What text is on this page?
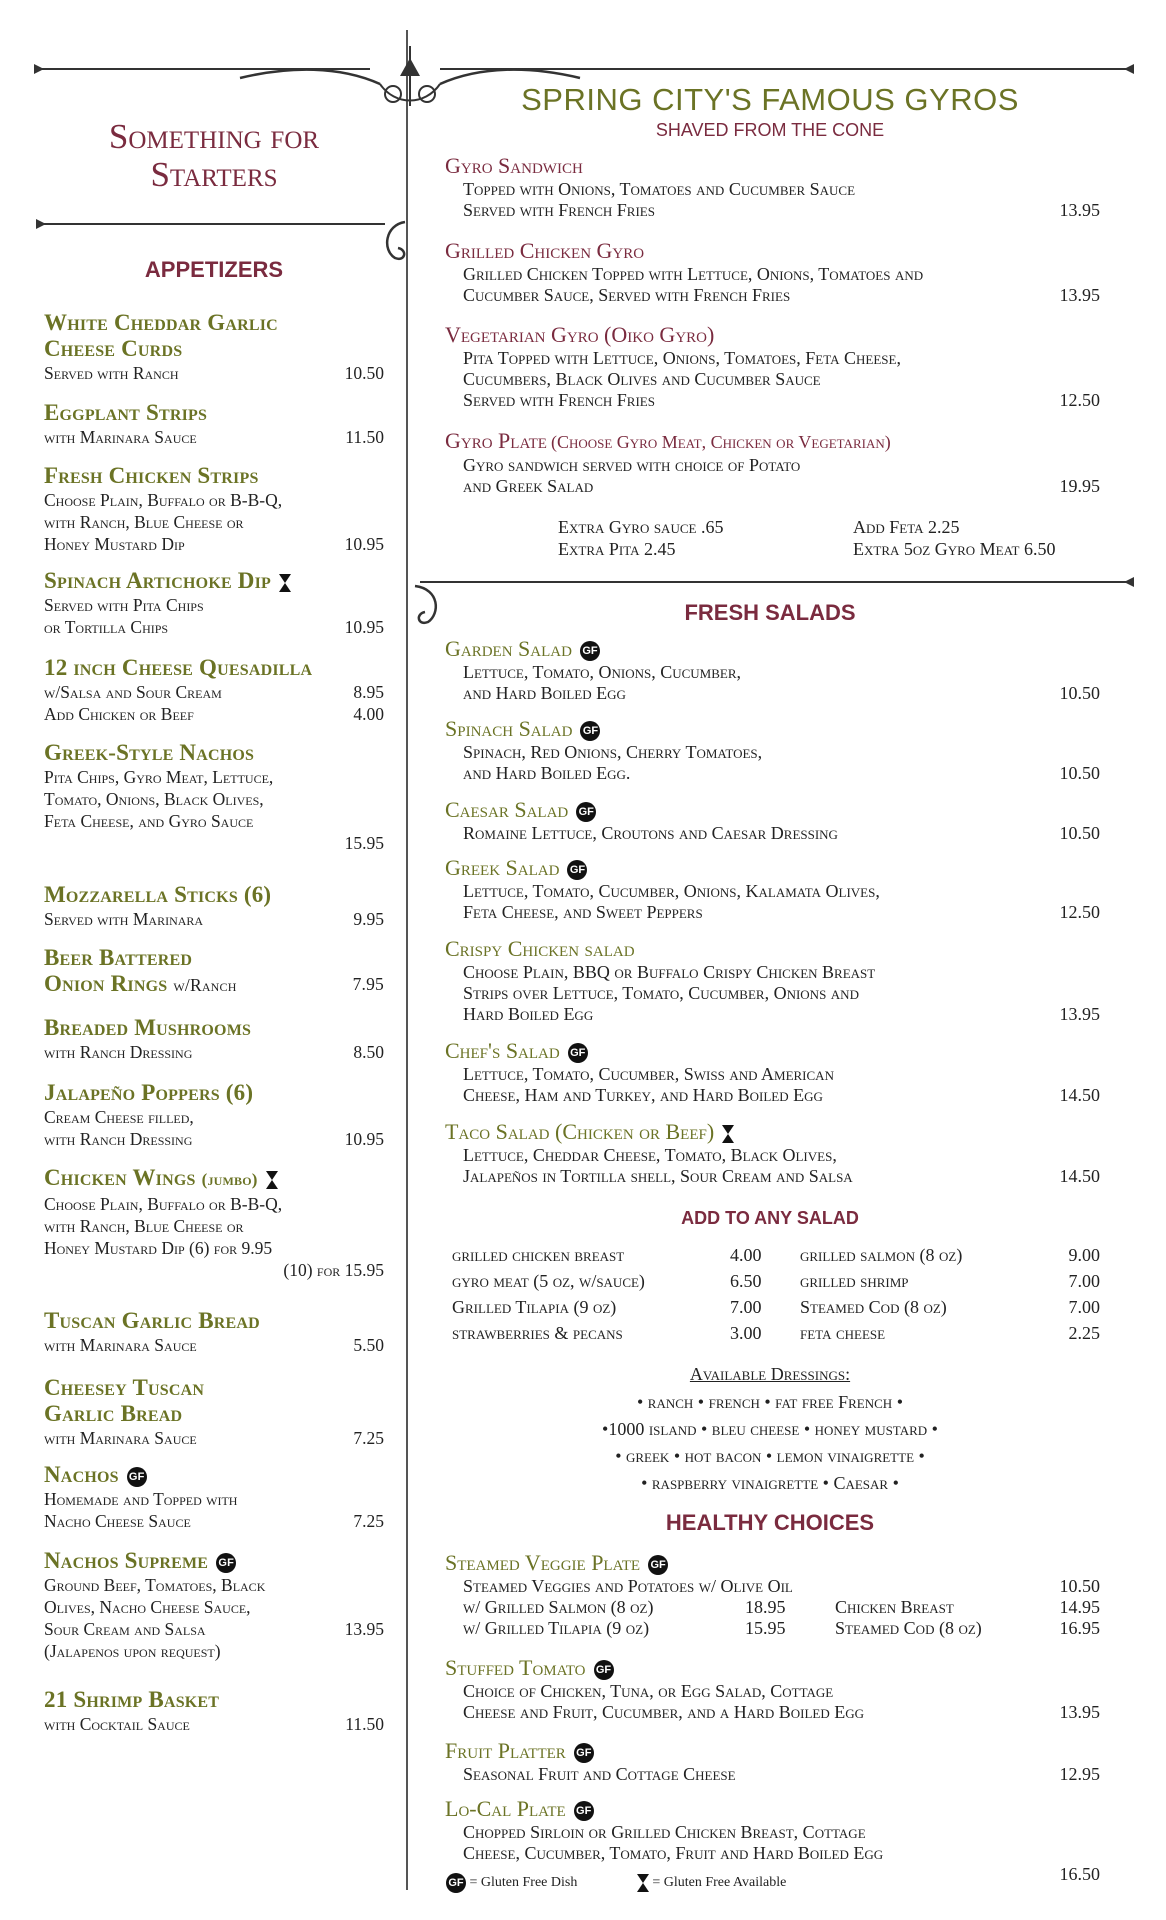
Something for
Starters
APPETIZERS
White Cheddar Garlic
Cheese Curds
Served with Ranch	10.50
Eggplant Strips
with Marinara Sauce	11.50
Fresh Chicken Strips
Choose Plain, Buffalo or B-B-Q,
with Ranch, Blue Cheese or
Honey Mustard Dip	10.95
Spinach Artichoke Dip
Served with Pita Chips
or Tortilla Chips	10.95
12 inch Cheese Quesadilla
w/Salsa and Sour Cream	8.95
Add Chicken or Beef	4.00
Greek-Style Nachos
Pita Chips, Gyro Meat, Lettuce,
Tomato, Onions, Black Olives,
Feta Cheese, and Gyro Sauce
15.95
Mozzarella Sticks (6)
Served with Marinara	9.95
Beer Battered
Onion Rings w/Ranch	7.95
Breaded Mushrooms
with Ranch Dressing	8.50
Jalapeño Poppers (6)
Cream Cheese filled,
with Ranch Dressing	10.95
Chicken Wings (jumbo)
Choose Plain, Buffalo or B-B-Q,
with Ranch, Blue Cheese or
Honey Mustard Dip (6) for 9.95
(10) for 15.95
Tuscan Garlic Bread
with Marinara Sauce	5.50
Cheesey Tuscan
Garlic Bread
with Marinara Sauce	7.25
Nachos GF
Homemade and Topped with
Nacho Cheese Sauce	7.25
Nachos Supreme GF
Ground Beef, Tomatoes, Black
Olives, Nacho Cheese Sauce,
Sour Cream and Salsa	13.95
(Jalapenos upon request)
21 Shrimp Basket
with Cocktail Sauce	11.50
SPRING CITY'S FAMOUS GYROS
SHAVED FROM THE CONE
Gyro Sandwich
Topped with Onions, Tomatoes and Cucumber Sauce
Served with French Fries	13.95
Grilled Chicken Gyro
Grilled Chicken Topped with Lettuce, Onions, Tomatoes and
Cucumber Sauce, Served with French Fries	13.95
Vegetarian Gyro (Oiko Gyro)
Pita Topped with Lettuce, Onions, Tomatoes, Feta Cheese,
Cucumbers, Black Olives and Cucumber Sauce
Served with French Fries	12.50
Gyro Plate (Choose Gyro Meat, Chicken or Vegetarian)
Gyro sandwich served with choice of Potato
and Greek Salad	19.95
Extra Gyro sauce .65	Add Feta 2.25
Extra Pita 2.45	Extra 5oz Gyro Meat 6.50
FRESH SALADS
Garden Salad GF
Lettuce, Tomato, Onions, Cucumber,
and Hard Boiled Egg	10.50
Spinach Salad GF
Spinach, Red Onions, Cherry Tomatoes,
and Hard Boiled Egg.	10.50
Caesar Salad GF
Romaine Lettuce, Croutons and Caesar Dressing	10.50
Greek Salad GF
Lettuce, Tomato, Cucumber, Onions, Kalamata Olives,
Feta Cheese, and Sweet Peppers	12.50
Crispy Chicken salad
Choose Plain, BBQ or Buffalo Crispy Chicken Breast
Strips over Lettuce, Tomato, Cucumber, Onions and
Hard Boiled Egg	13.95
Chef's Salad GF
Lettuce, Tomato, Cucumber, Swiss and American
Cheese, Ham and Turkey, and Hard Boiled Egg	14.50
Taco Salad (Chicken or Beef)
Lettuce, Cheddar Cheese, Tomato, Black Olives,
Jalapeños in Tortilla shell, Sour Cream and Salsa	14.50
ADD TO ANY SALAD
grilled chicken breast	4.00 grilled salmon (8 oz)	9.00
gyro meat (5 oz, w/sauce)	6.50 grilled shrimp	7.00
Grilled Tilapia (9 oz)	7.00 Steamed Cod (8 oz)	7.00
strawberries & pecans	3.00 feta cheese	2.25
Available Dressings:
• ranch • french • fat free French •
•1000 island • bleu cheese • honey mustard •
• greek • hot bacon • lemon vinaigrette •
• raspberry vinaigrette • Caesar •
HEALTHY CHOICES
Steamed Veggie Plate GF
Steamed Veggies and Potatoes w/ Olive Oil	10.50
w/ Grilled Salmon (8 oz)	18.95	Chicken Breast	14.95
w/ Grilled Tilapia (9 oz)	15.95	Steamed Cod (8 oz)	16.95
Stuffed Tomato GF
Choice of Chicken, Tuna, or Egg Salad, Cottage
Cheese and Fruit, Cucumber, and a Hard Boiled Egg	13.95
Fruit Platter GF
Seasonal Fruit and Cottage Cheese	12.95
Lo-Cal Plate GF
Chopped Sirloin or Grilled Chicken Breast, Cottage
Cheese, Cucumber, Tomato, Fruit and Hard Boiled Egg
16.50
GF = Gluten Free Dish	= Gluten Free Available
